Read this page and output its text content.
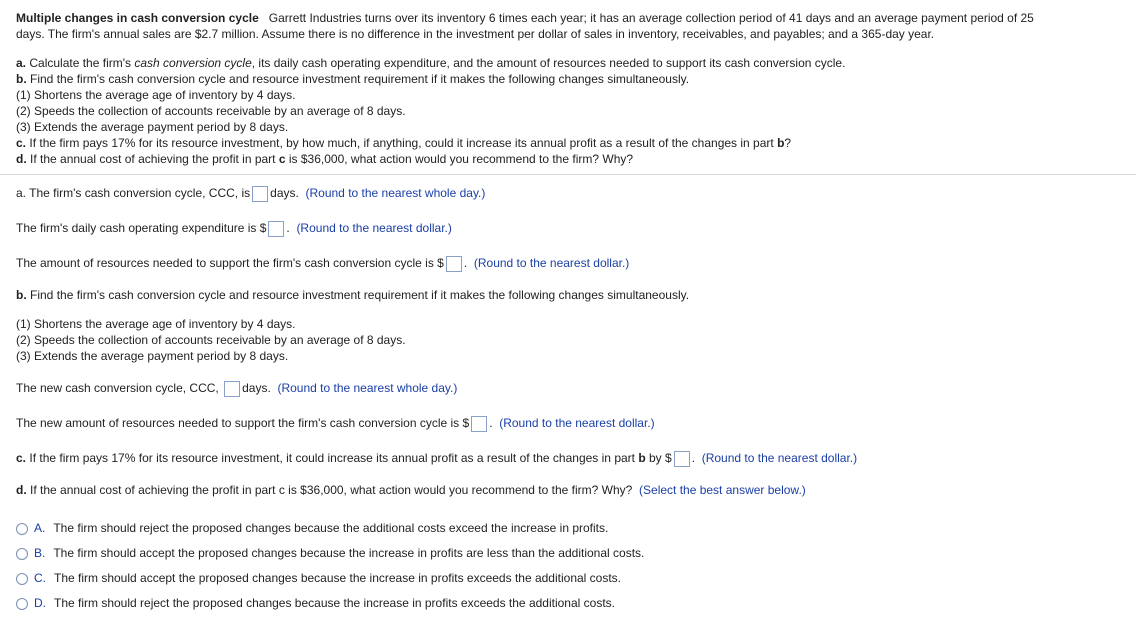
Multiple changes in cash conversion cycle Garrett Industries turns over its inventory 6 times each year; it has an average collection period of 41 days and an average payment period of 25
days. The firm's annual sales are $2.7 million. Assume there is no difference in the investment per dollar of sales in inventory, receivables, and payables; and a 365-day year.
a. Calculate the firm's cash conversion cycle, its daily cash operating expenditure, and the amount of resources needed to support its cash conversion cycle.
b. Find the firm's cash conversion cycle and resource investment requirement if it makes the following changes simultaneously.
(1) Shortens the average age of inventory by 4 days.
(2) Speeds the collection of accounts receivable by an average of 8 days.
(3) Extends the average payment period by 8 days.
c. If the firm pays 17% for its resource investment, by how much, if anything, could it increase its annual profit as a result of the changes in part b?
d. If the annual cost of achieving the profit in part c is $36,000, what action would you recommend to the firm? Why?
a. The firm's cash conversion cycle, CCC, is days. (Round to the nearest whole day.)
The firm's daily cash operating expenditure is $ .  (Round to the nearest dollar.)
The amount of resources needed to support the firm's cash conversion cycle is $ .  (Round to the nearest dollar.)
b. Find the firm's cash conversion cycle and resource investment requirement if it makes the following changes simultaneously.
(1) Shortens the average age of inventory by 4 days.
(2) Speeds the collection of accounts receivable by an average of 8 days.
(3) Extends the average payment period by 8 days.
The new cash conversion cycle, CCC, days. (Round to the nearest whole day.)
The new amount of resources needed to support the firm's cash conversion cycle is $ .  (Round to the nearest dollar.)
c. If the firm pays 17% for its resource investment, it could increase its annual profit as a result of the changes in part b by $ .  (Round to the nearest dollar.)
d. If the annual cost of achieving the profit in part c is $36,000, what action would you recommend to the firm? Why? (Select the best answer below.)
A. The firm should reject the proposed changes because the additional costs exceed the increase in profits.
B. The firm should accept the proposed changes because the increase in profits are less than the additional costs.
C. The firm should accept the proposed changes because the increase in profits exceeds the additional costs.
D. The firm should reject the proposed changes because the increase in profits exceeds the additional costs.
